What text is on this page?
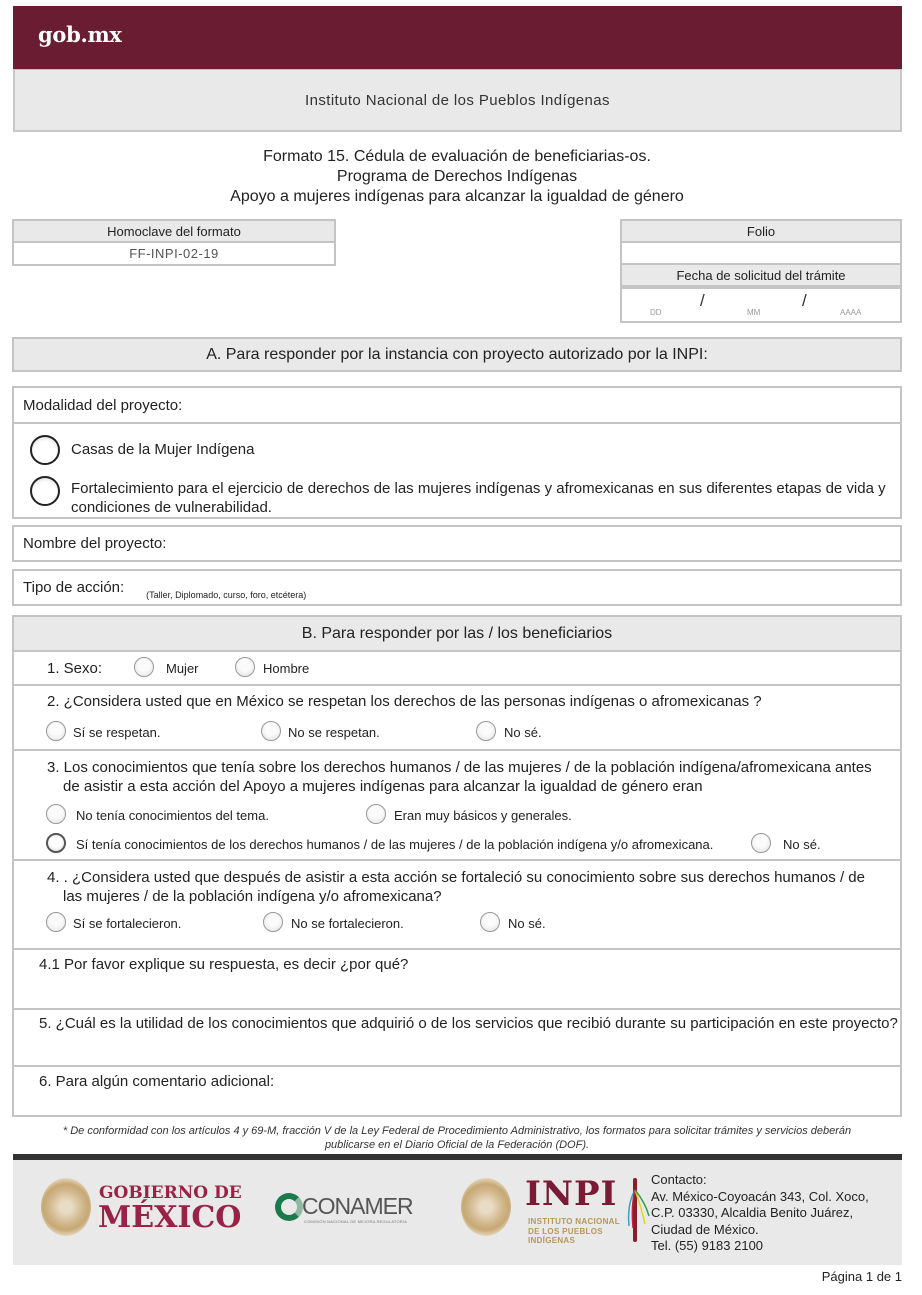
gob.mx
Instituto Nacional de los Pueblos Indígenas
Formato 15. Cédula de evaluación de beneficiarias-os.
Programa de Derechos Indígenas
Apoyo a mujeres indígenas para alcanzar la igualdad de género
Homoclave del formato
FF-INPI-02-19
Folio
Fecha de solicitud del trámite
DD
/
MM
/
AAAA
A. Para responder por la instancia con proyecto autorizado por la INPI:
Modalidad del proyecto:
Casas de la Mujer Indígena
Fortalecimiento para el ejercicio de derechos de las mujeres indígenas y afromexicanas en sus diferentes etapas de vida y condiciones de vulnerabilidad.
Nombre del proyecto:
Tipo de acción: (Taller, Diplomado, curso, foro, etcétera)
B. Para responder por las / los beneficiarios
1. Sexo:	Mujer	Hombre
2. ¿Considera usted que en México se respetan los derechos de las personas indígenas o afromexicanas ?
Sí se respetan.	No se respetan.	No sé.
3. Los conocimientos que tenía sobre los derechos humanos / de las mujeres / de la población indígena/afromexicana antes
de asistir a esta acción del Apoyo a mujeres indígenas para alcanzar la igualdad de género eran
No tenía conocimientos del tema.	Eran muy básicos y generales.
Sí tenía conocimientos de los derechos humanos / de las mujeres / de la población indígena y/o afromexicana.	No sé.
4. . ¿Considera usted que después de asistir a esta acción se fortaleció su conocimiento sobre sus derechos humanos / de
las mujeres / de la población indígena y/o afromexicana?
Sí se fortalecieron.	No se fortalecieron.	No sé.
4.1 Por favor explique su respuesta, es decir ¿por qué?
5. ¿Cuál es la utilidad de los conocimientos que adquirió o de los servicios que recibió durante su participación en este proyecto?
6. Para algún comentario adicional:
* De conformidad con los artículos 4 y 69-M, fracción V de la Ley Federal de Procedimiento Administrativo, los formatos para solicitar trámites y servicios deberán
publicarse en el Diario Oficial de la Federación (DOF).
GOBIERNO DE
MÉXICO	CONAMER
COMISIÓN NACIONAL DE MEJORA REGULATORIA
INPI
INSTITUTO NACIONAL
DE LOS PUEBLOS
INDÍGENAS
Contacto:
Av. México-Coyoacán 343, Col. Xoco,
C.P. 03330, Alcaldia Benito Juárez,
Ciudad de México.
Tel. (55) 9183 2100
Página 1 de 1
